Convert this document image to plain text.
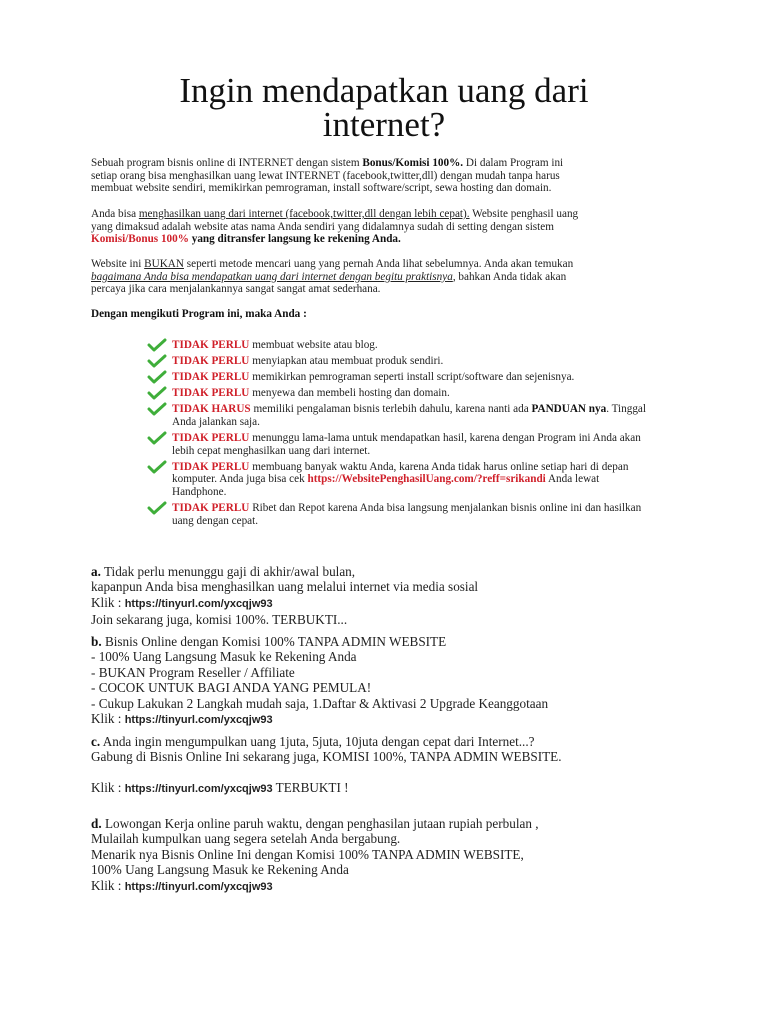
Ingin mendapatkan uang dari
internet?
Sebuah program bisnis online di INTERNET dengan sistem Bonus/Komisi 100%. Di dalam Program ini
setiap orang bisa menghasilkan uang lewat INTERNET (facebook,twitter,dll) dengan mudah tanpa harus
membuat website sendiri, memikirkan pemrograman, install software/script, sewa hosting dan domain.
Anda bisa menghasilkan uang dari internet (facebook,twitter,dll dengan lebih cepat). Website penghasil uang
yang dimaksud adalah website atas nama Anda sendiri yang didalamnya sudah di setting dengan sistem
Komisi/Bonus 100% yang ditransfer langsung ke rekening Anda.
Website ini BUKAN seperti metode mencari uang yang pernah Anda lihat sebelumnya. Anda akan temukan
bagaimana Anda bisa mendapatkan uang dari internet dengan begitu praktisnya, bahkan Anda tidak akan
percaya jika cara menjalankannya sangat sangat amat sederhana.
Dengan mengikuti Program ini, maka Anda :
TIDAK PERLU membuat website atau blog.
TIDAK PERLU menyiapkan atau membuat produk sendiri.
TIDAK PERLU memikirkan pemrograman seperti install script/software dan sejenisnya.
TIDAK PERLU menyewa dan membeli hosting dan domain.
TIDAK HARUS memiliki pengalaman bisnis terlebih dahulu, karena nanti ada PANDUAN nya. Tinggal Anda jalankan saja.
TIDAK PERLU menunggu lama-lama untuk mendapatkan hasil, karena dengan Program ini Anda akan lebih cepat menghasilkan uang dari internet.
TIDAK PERLU membuang banyak waktu Anda, karena Anda tidak harus online setiap hari di depan komputer. Anda juga bisa cek https://WebsitePenghasilUang.com/?reff=srikandi Anda lewat Handphone.
TIDAK PERLU Ribet dan Repot karena Anda bisa langsung menjalankan bisnis online ini dan hasilkan uang dengan cepat.
a. Tidak perlu menunggu gaji di akhir/awal bulan,
kapanpun Anda bisa menghasilkan uang melalui internet via media sosial
Klik : https://tinyurl.com/yxcqjw93
Join sekarang juga, komisi 100%. TERBUKTI...
b. Bisnis Online dengan Komisi 100% TANPA ADMIN WEBSITE
- 100% Uang Langsung Masuk ke Rekening Anda
- BUKAN Program Reseller / Affiliate
- COCOK UNTUK BAGI ANDA YANG PEMULA!
- Cukup Lakukan 2 Langkah mudah saja, 1.Daftar & Aktivasi 2 Upgrade Keanggotaan
Klik : https://tinyurl.com/yxcqjw93
c. Anda ingin mengumpulkan uang 1juta, 5juta, 10juta dengan cepat dari Internet...?
Gabung di Bisnis Online Ini sekarang juga, KOMISI 100%, TANPA ADMIN WEBSITE.

Klik : https://tinyurl.com/yxcqjw93 TERBUKTI !
d. Lowongan Kerja online paruh waktu, dengan penghasilan jutaan rupiah perbulan ,
Mulailah kumpulkan uang segera setelah Anda bergabung.
Menarik nya Bisnis Online Ini dengan Komisi 100% TANPA ADMIN WEBSITE,
100% Uang Langsung Masuk ke Rekening Anda
Klik : https://tinyurl.com/yxcqjw93
